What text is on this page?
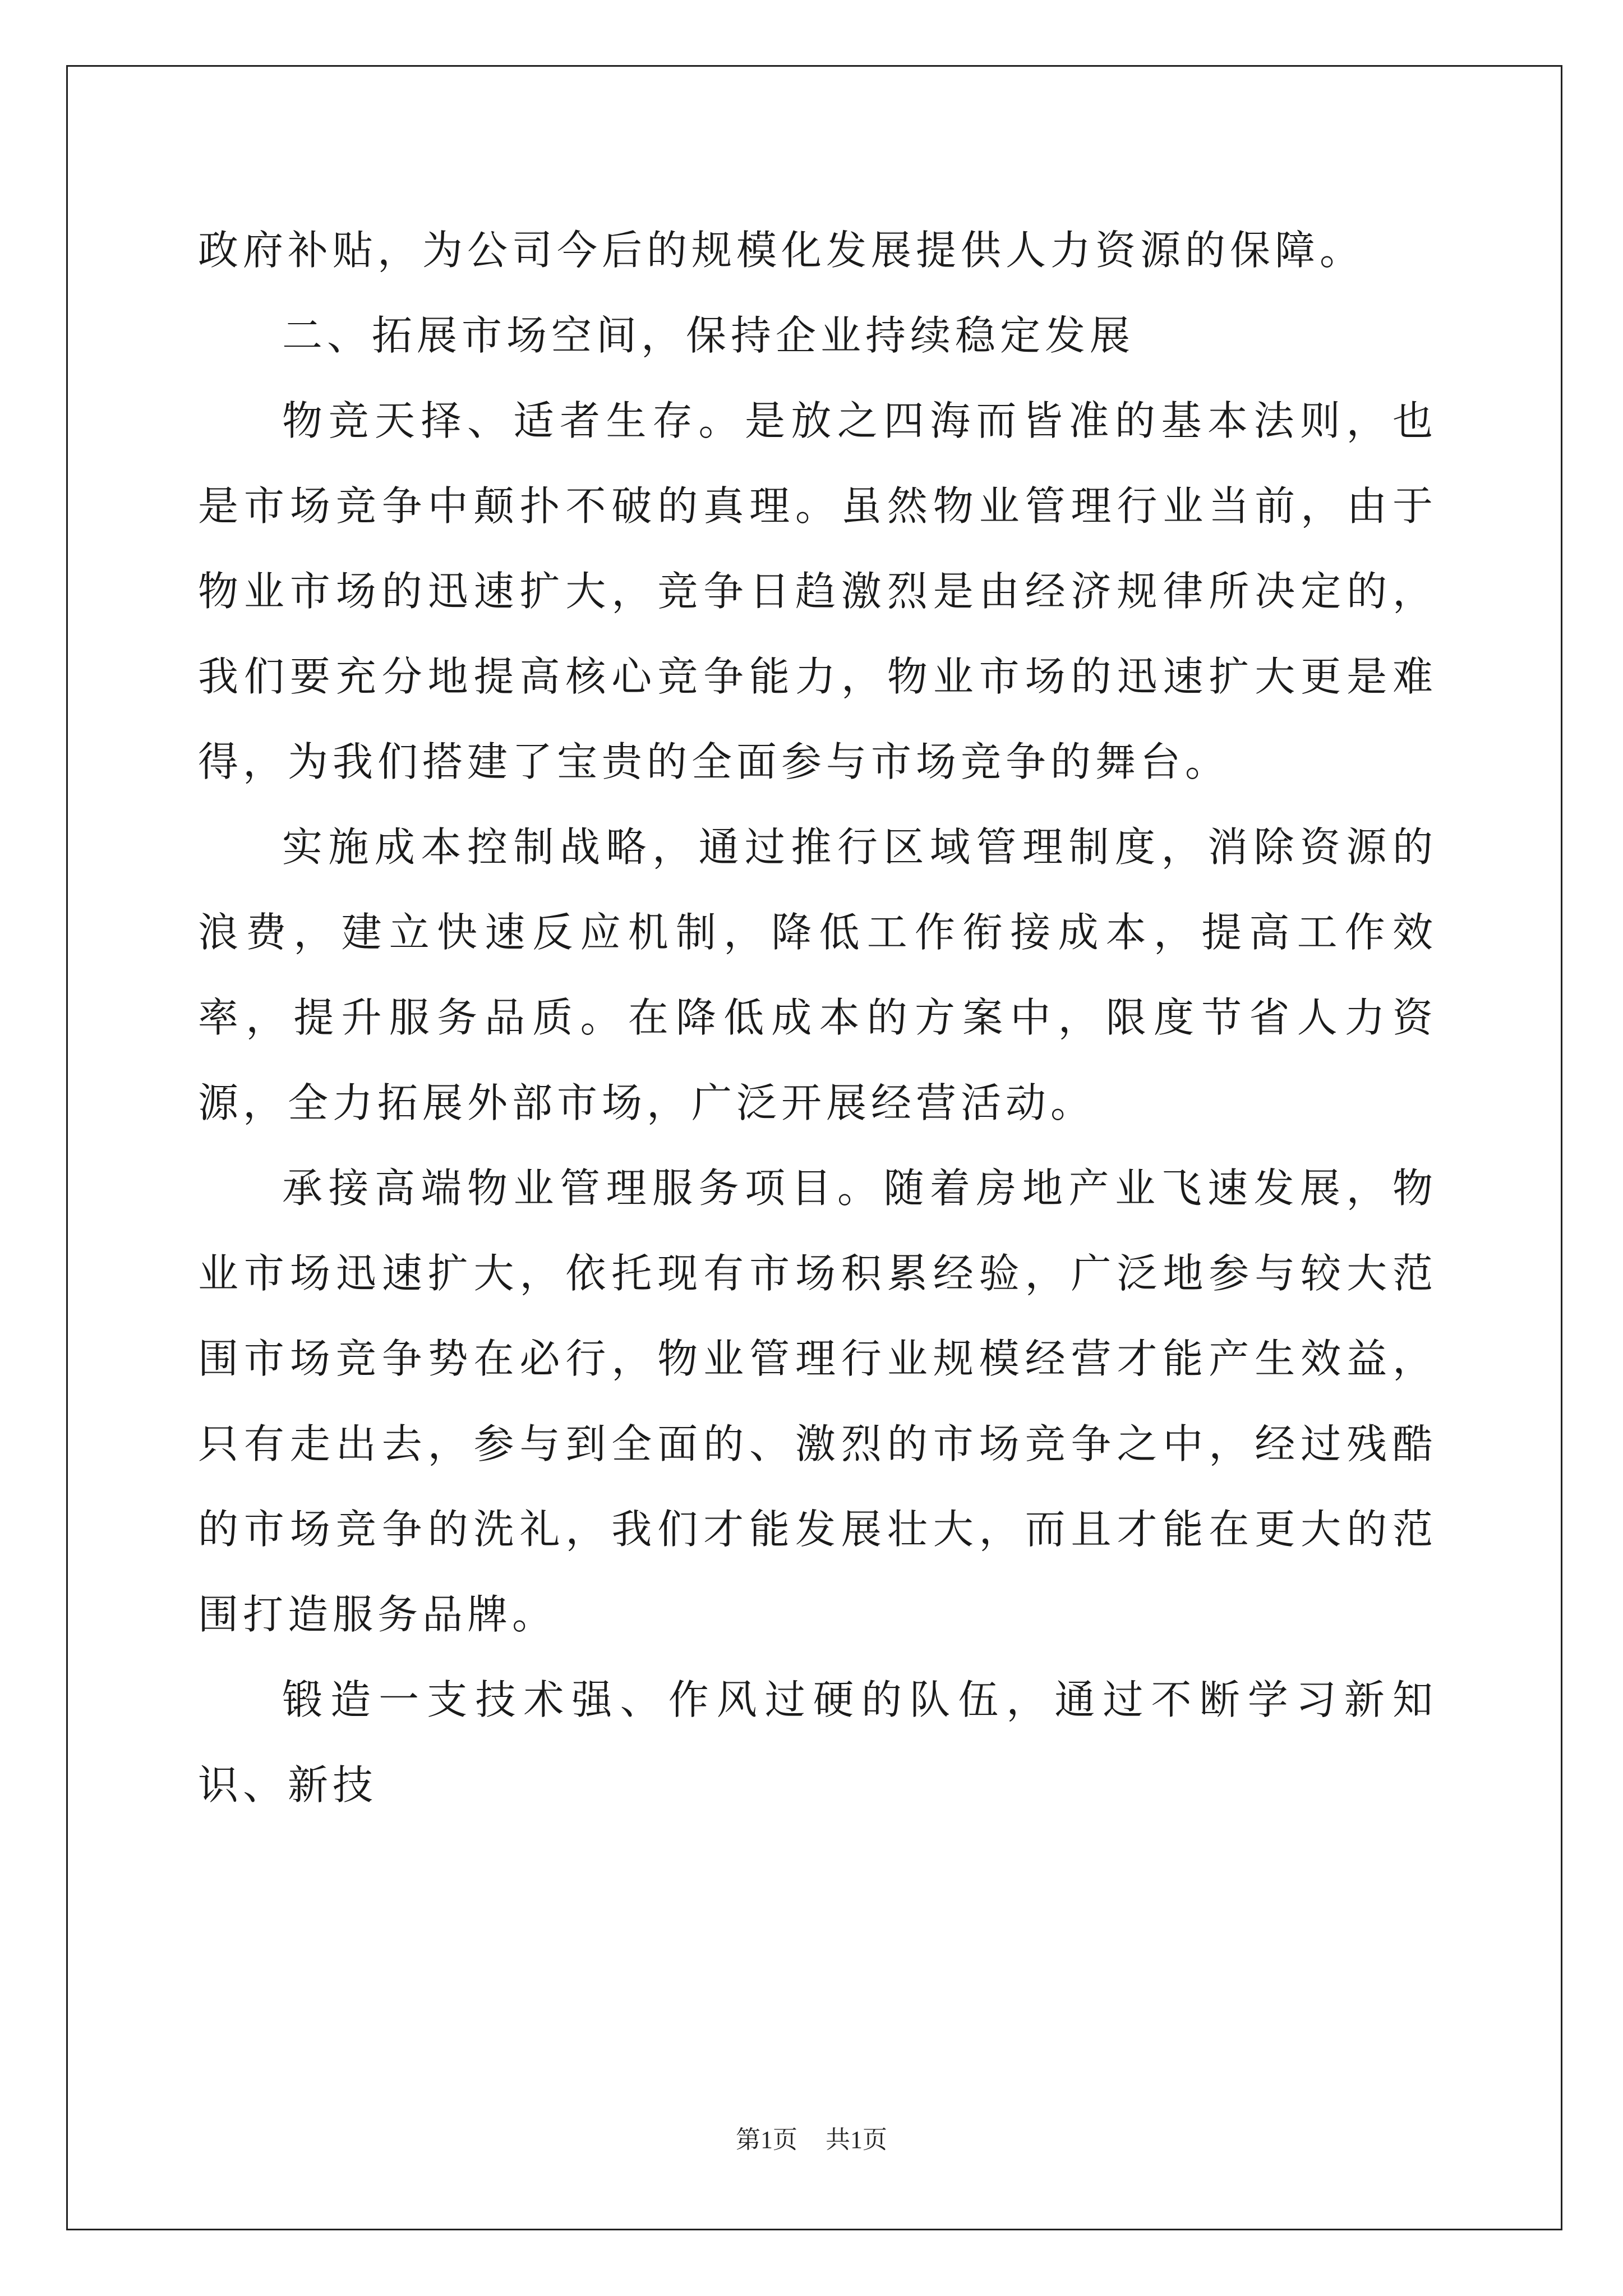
政府补贴，为公司今后的规模化发展提供人力资源的保障。

二、拓展市场空间，保持企业持续稳定发展

物竞天择、适者生存。是放之四海而皆准的基本法则，也是市场竞争中颠扑不破的真理。虽然物业管理行业当前，由于物业市场的迅速扩大，竞争日趋激烈是由经济规律所决定的，我们要充分地提高核心竞争能力，物业市场的迅速扩大更是难得，为我们搭建了宝贵的全面参与市场竞争的舞台。

实施成本控制战略，通过推行区域管理制度，消除资源的浪费，建立快速反应机制，降低工作衔接成本，提高工作效率，提升服务品质。在降低成本的方案中，限度节省人力资源，全力拓展外部市场，广泛开展经营活动。

承接高端物业管理服务项目。随着房地产业飞速发展，物业市场迅速扩大，依托现有市场积累经验，广泛地参与较大范围市场竞争势在必行，物业管理行业规模经营才能产生效益，只有走出去，参与到全面的、激烈的市场竞争之中，经过残酷的市场竞争的洗礼，我们才能发展壮大，而且才能在更大的范围打造服务品牌。

锻造一支技术强、作风过硬的队伍，通过不断学习新知识、新技

第1页 共1页
